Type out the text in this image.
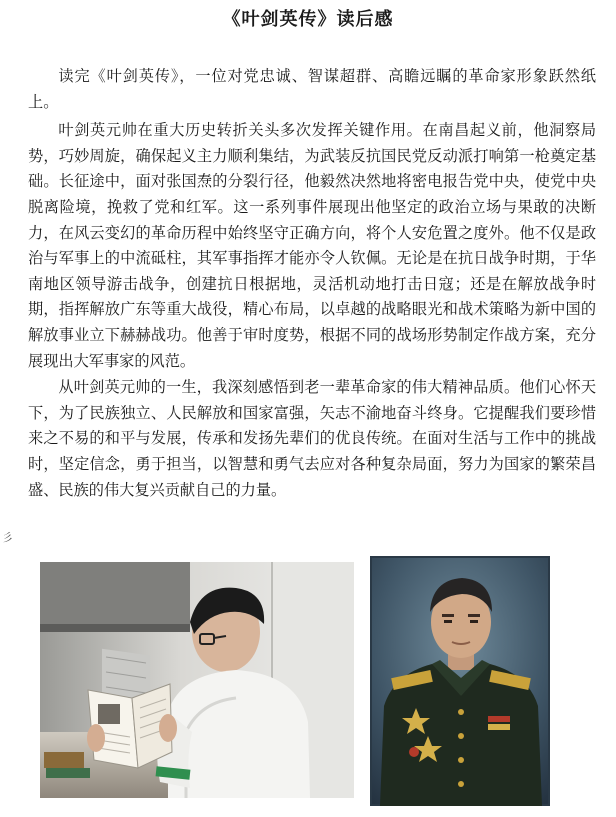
《叶剑英传》读后感

读完《叶剑英传》，一位对党忠诚、智谋超群、高瞻远瞩的革命家形象跃然纸上。

叶剑英元帅在重大历史转折关头多次发挥关键作用。在南昌起义前，他洞察局势，巧妙周旋，确保起义主力顺利集结，为武装反抗国民党反动派打响第一枪奠定基础。长征途中，面对张国焘的分裂行径，他毅然决然地将密电报告党中央，使党中央脱离险境，挽救了党和红军。这一系列事件展现出他坚定的政治立场与果敢的决断力，在风云变幻的革命历程中始终坚守正确方向，将个人安危置之度外。他不仅是政治与军事上的中流砥柱，其军事指挥才能亦令人钦佩。无论是在抗日战争时期，于华南地区领导游击战争，创建抗日根据地，灵活机动地打击日寇；还是在解放战争时期，指挥解放广东等重大战役，精心布局，以卓越的战略眼光和战术策略为新中国的解放事业立下赫赫战功。他善于审时度势，根据不同的战场形势制定作战方案，充分展现出大军事家的风范。

从叶剑英元帅的一生，我深刻感悟到老一辈革命家的伟大精神品质。他们心怀天下，为了民族独立、人民解放和国家富强，矢志不渝地奋斗终身。它提醒我们要珍惜来之不易的和平与发展，传承和发扬先辈们的优良传统。在面对生活与工作中的挑战时，坚定信念，勇于担当，以智慧和勇气去应对各种复杂局面，努力为国家的繁荣昌盛、民族的伟大复兴贡献自己的力量。

彡
